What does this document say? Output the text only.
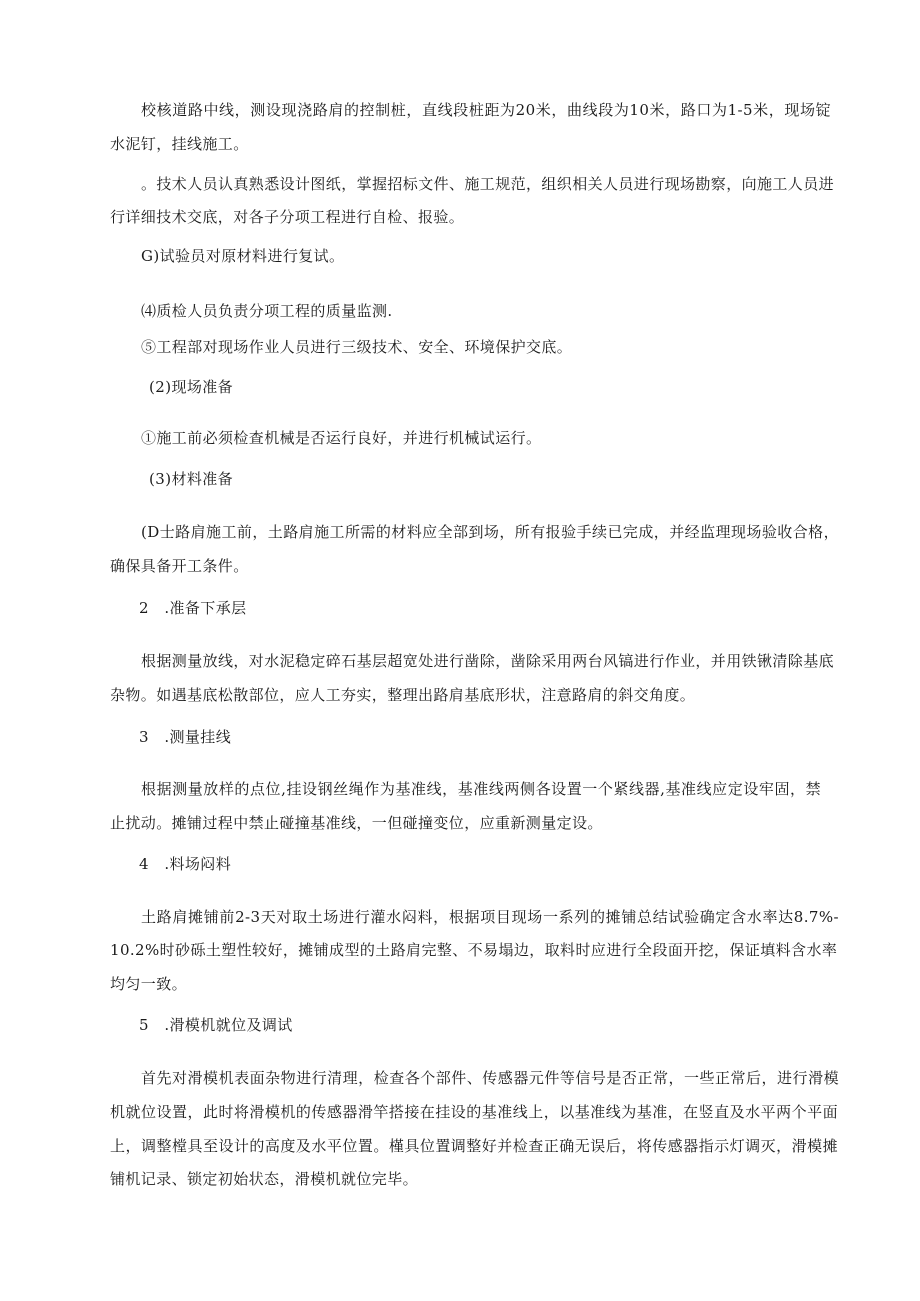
校核道路中线，测设现浇路肩的控制桩，直线段桩距为20米，曲线段为10米，路口为1-5米，现场锭

水泥钉，挂线施工。

。技术人员认真熟悉设计图纸，掌握招标文件、施工规范，组织相关人员进行现场勘察，向施工人员进

行详细技术交底，对各子分项工程进行自检、报验。

G)试验员对原材料进行复试。

⑷质检人员负责分项工程的质量监测.

⑤工程部对现场作业人员进行三级技术、安全、环境保护交底。

(2)现场准备

①施工前必须检查机械是否运行良好，并进行机械试运行。

(3)材料准备

(D士路肩施工前，土路肩施工所需的材料应全部到场，所有报验手续已完成，并经监理现场验收合格，

确保具备开工条件。

2　.准备下承层

根据测量放线，对水泥稳定碎石基层超宽处进行凿除，凿除采用两台风镐进行作业，并用铁锹清除基底

杂物。如遇基底松散部位，应人工夯实，整理出路肩基底形状，注意路肩的斜交角度。

3　.测量挂线

根据测量放样的点位,挂设钢丝绳作为基准线，基准线两侧各设置一个紧线器,基准线应定设牢固，禁

止扰动。摊铺过程中禁止碰撞基准线，一但碰撞变位，应重新测量定设。

4　.料场闷料

土路肩摊铺前2-3天对取土场进行灌水闷料，根据项目现场一系列的摊铺总结试验确定含水率达8.7%-

10.2%时砂砾土塑性较好，摊铺成型的土路肩完整、不易塌边，取料时应进行全段面开挖，保证填料含水率

均匀一致。

5　.滑模机就位及调试

首先对滑模机表面杂物进行清理，检查各个部件、传感器元件等信号是否正常，一些正常后，进行滑模

机就位设置，此时将滑模机的传感器滑竿搭接在挂设的基准线上，以基准线为基准，在竖直及水平两个平面

上，调整樘具至设计的高度及水平位置。槿具位置调整好并检查正确无误后，将传感器指示灯调灭，滑模摊

铺机记录、锁定初始状态，滑模机就位完毕。
